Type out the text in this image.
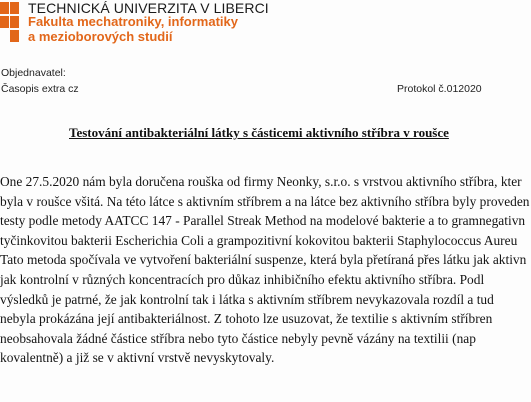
TECHNICKÁ UNIVERZITA V LIBERCI
Fakulta mechatroniky, informatiky
a mezioborových studií
Objednavatel:
Časopis extra cz	Protokol č.012020
Testování antibakteriální látky s částicemi aktivního stříbra v roušce
One 27.5.2020 nám byla doručena rouška od firmy Neonky, s.r.o. s vrstvou aktivního stříbra, kter
byla v roušce všitá. Na této látce s aktivním stříbrem a na látce bez aktivního stříbra byly proveden
testy podle metody AATCC 147 - Parallel Streak Method na modelové bakterie a to gramnegativn
tyčinkovitou bakterii Escherichia Coli a grampozitivní kokovitou bakterii Staphylococcus Aureu
Tato metoda spočívala ve vytvoření bakteriální suspenze, která byla přetíraná přes látku jak aktivn
jak kontrolní v různých koncentracích pro důkaz inhibičního efektu aktivního stříbra. Podl
výsledků je patrné, že jak kontrolní tak i látka s aktivním stříbrem nevykazovala rozdíl a tud
nebyla prokázána její antibakteriálnost. Z tohoto lze usuzovat, že textilie s aktivním stříbren
neobsahovala žádné částice stříbra nebo tyto částice nebyly pevně vázány na textilii (nap
kovalentně) a již se v aktivní vrstvě nevyskytovaly.
